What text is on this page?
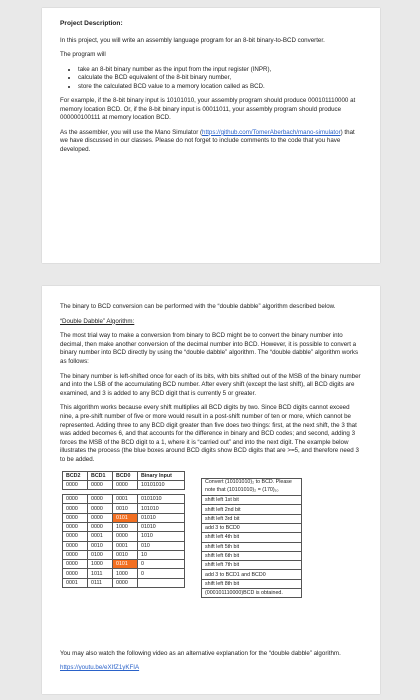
Project Description:

In this project, you will write an assembly language program for an 8-bit binary-to-BCD converter.

The program will

• take an 8-bit binary number as the input from the input register (INPR),
• calculate the BCD equivalent of the 8-bit binary number,
• store the calculated BCD value to a memory location called as BCD.

For example, if the 8-bit binary input is 10101010, your assembly program should produce 000101110000 at memory location BCD. Or, if the 8-bit binary input is 00011011, your assembly program should produce 000000100111 at memory location BCD.

As the assembler, you will use the Mano Simulator (https://github.com/TomerAberbach/mano-simulator) that we have discussed in our classes. Please do not forget to include comments to the code that you have developed.

The binary to BCD conversion can be performed with the “double dabble” algorithm described below.

“Double Dabble” Algorithm:

The most trial way to make a conversion from binary to BCD might be to convert the binary number into decimal, then make another conversion of the decimal number into BCD. However, it is possible to convert a binary number into BCD directly by using the “double dabble” algorithm. The “double dabble” algorithm works as follows:

The binary number is left-shifted once for each of its bits, with bits shifted out of the MSB of the binary number and into the LSB of the accumulating BCD number. After every shift (except the last shift), all BCD digits are examined, and 3 is added to any BCD digit that is currently 5 or greater.

This algorithm works because every shift multiplies all BCD digits by two. Since BCD digits cannot exceed nine, a pre-shift number of five or more would result in a post-shift number of ten or more, which cannot be represented. Adding three to any BCD digit greater than five does two things: first, at the next shift, the 3 that was added becomes 6, and that accounts for the difference in binary and BCD codes; and second, adding 3 forces the MSB of the BCD digit to a 1, where it is “carried out” and into the next digit. The example below illustrates the process (the blue boxes around BCD digits show BCD digits that are >=5, and therefore need 3 to be added.

BCD2	BCD1	BCD0	Binary Input
0000	0000	0000	10101010

0000	0000	0001	0101010
0000	0000	0010	101010
0000	0000	0101	01010
0000	0000	1000	01010
0000	0001	0000	1010
0000	0010	0001	010
0000	0100	0010	10
0000	1000	0101	0
0000	1011	1000	0
0001	0111	0000	
Convert (10101010)₂ to BCD. Please note that (10101010)₂ = (170)₁₀
shift left 1st bit
shift left 2nd bit
shift left 3rd bit
add 3 to BCD0
shift left 4th bit
shift left 5th bit
shift left 6th bit
shift left 7th bit
add 3 to BCD1 and BCD0
shift left 8th bit
(000101110000)BCD is obtained.

You may also watch the following video as an alternative explanation for the “double dabble” algorithm.

https://youtu.be/eXIfZ1yKFIA
